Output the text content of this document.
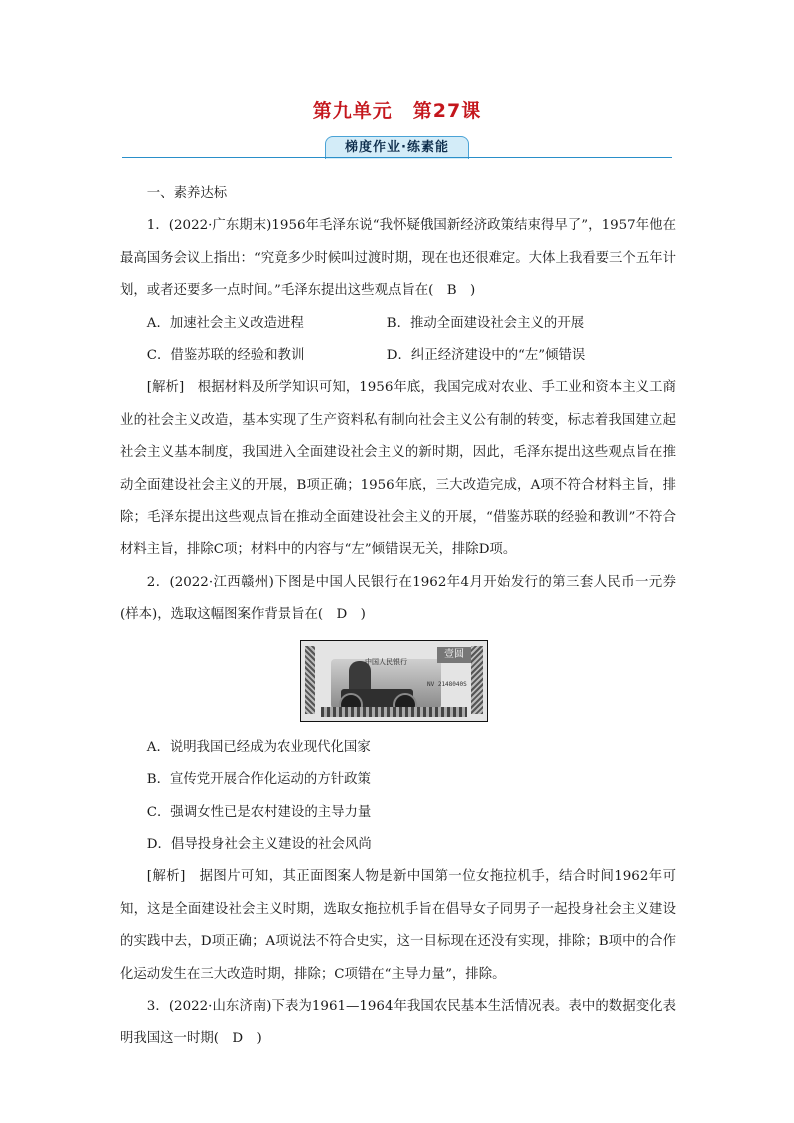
第九单元　第27课
梯度作业·练素能

一、素养达标

1．(2022·广东期末)1956年毛泽东说“我怀疑俄国新经济政策结束得早了”，1957年他在最高国务会议上指出：“究竟多少时候叫过渡时期，现在也还很难定。大体上我看要三个五年计划，或者还要多一点时间。”毛泽东提出这些观点旨在(　B　)

A．加速社会主义改造进程	B．推动全面建设社会主义的开展
C．借鉴苏联的经验和教训	D．纠正经济建设中的“左”倾错误

[解析]　根据材料及所学知识可知，1956年底，我国完成对农业、手工业和资本主义工商业的社会主义改造，基本实现了生产资料私有制向社会主义公有制的转变，标志着我国建立起社会主义基本制度，我国进入全面建设社会主义的新时期，因此，毛泽东提出这些观点旨在推动全面建设社会主义的开展，B项正确；1956年底，三大改造完成，A项不符合材料主旨，排除；毛泽东提出这些观点旨在推动全面建设社会主义的开展，“借鉴苏联的经验和教训”不符合材料主旨，排除C项；材料中的内容与“左”倾错误无关，排除D项。

2．(2022·江西赣州)下图是中国人民银行在1962年4月开始发行的第三套人民币一元券(样本)，选取这幅图案作背景旨在(　D　)

中国人民银行
壹圆
NV 2148040S
A．说明我国已经成为农业现代化国家
B．宣传党开展合作化运动的方针政策
C．强调女性已是农村建设的主导力量
D．倡导投身社会主义建设的社会风尚

[解析]　据图片可知，其正面图案人物是新中国第一位女拖拉机手，结合时间1962年可知，这是全面建设社会主义时期，选取女拖拉机手旨在倡导女子同男子一起投身社会主义建设的实践中去，D项正确；A项说法不符合史实，这一目标现在还没有实现，排除；B项中的合作化运动发生在三大改造时期，排除；C项错在“主导力量”，排除。

3．(2022·山东济南)下表为1961—1964年我国农民基本生活情况表。表中的数据变化表明我国这一时期(　D　)
